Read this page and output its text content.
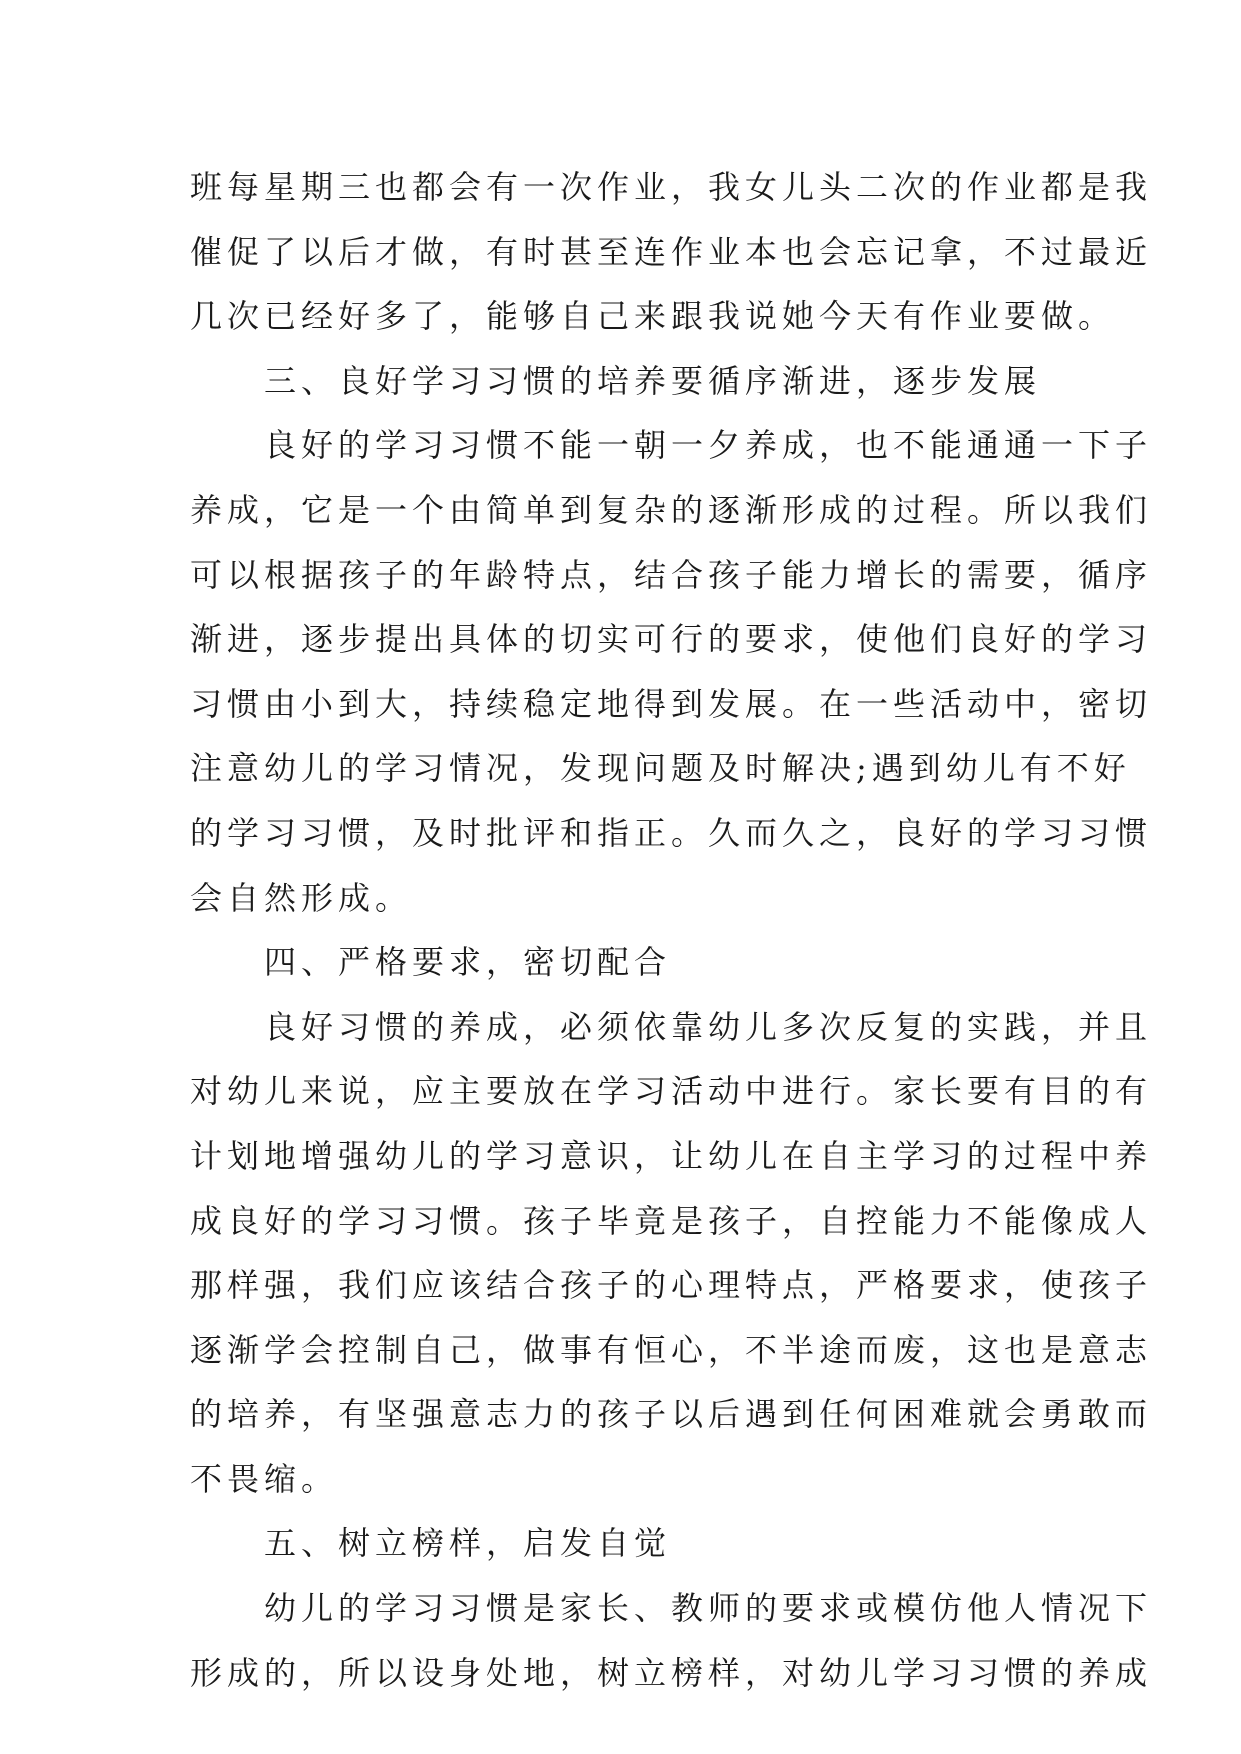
班每星期三也都会有一次作业，我女儿头二次的作业都是我
催促了以后才做，有时甚至连作业本也会忘记拿，不过最近
几次已经好多了，能够自己来跟我说她今天有作业要做。
三、良好学习习惯的培养要循序渐进，逐步发展
良好的学习习惯不能一朝一夕养成，也不能通通一下子
养成，它是一个由简单到复杂的逐渐形成的过程。所以我们
可以根据孩子的年龄特点，结合孩子能力增长的需要，循序
渐进，逐步提出具体的切实可行的要求，使他们良好的学习
习惯由小到大，持续稳定地得到发展。在一些活动中，密切
注意幼儿的学习情况，发现问题及时解决;遇到幼儿有不好
的学习习惯，及时批评和指正。久而久之，良好的学习习惯
会自然形成。
四、严格要求，密切配合
良好习惯的养成，必须依靠幼儿多次反复的实践，并且
对幼儿来说，应主要放在学习活动中进行。家长要有目的有
计划地增强幼儿的学习意识，让幼儿在自主学习的过程中养
成良好的学习习惯。孩子毕竟是孩子，自控能力不能像成人
那样强，我们应该结合孩子的心理特点，严格要求，使孩子
逐渐学会控制自己，做事有恒心，不半途而废，这也是意志
的培养，有坚强意志力的孩子以后遇到任何困难就会勇敢而
不畏缩。
五、树立榜样，启发自觉
幼儿的学习习惯是家长、教师的要求或模仿他人情况下
形成的，所以设身处地，树立榜样，对幼儿学习习惯的养成
